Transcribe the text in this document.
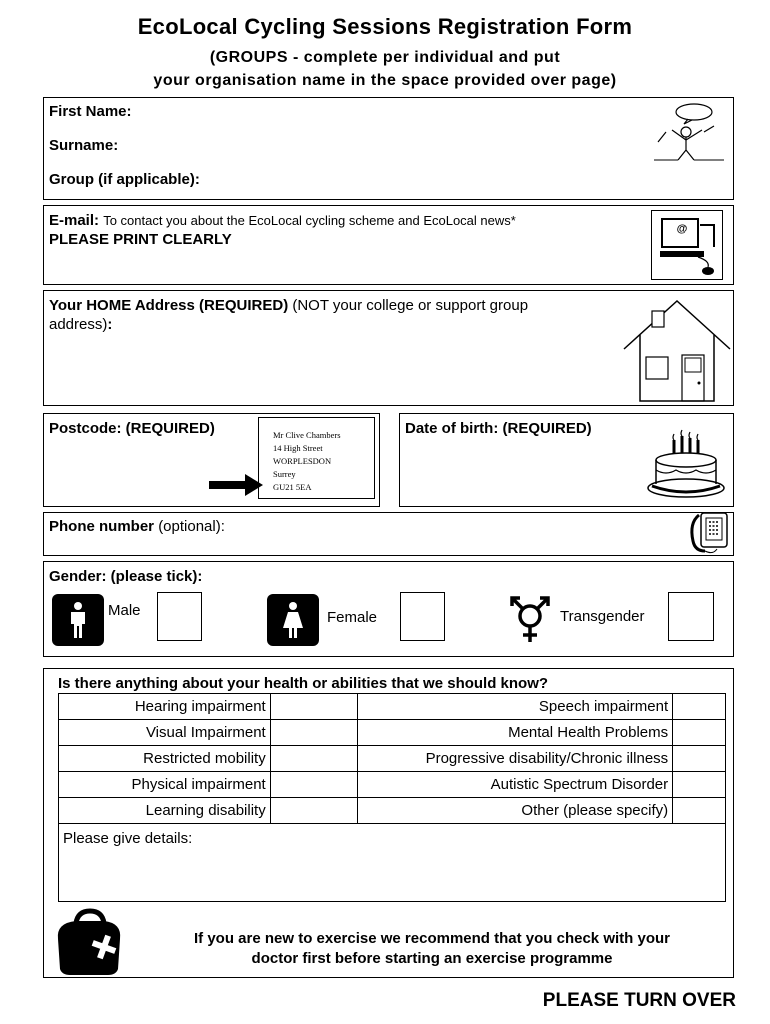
EcoLocal Cycling Sessions Registration Form
(GROUPS - complete per individual and put
your organisation name in the space provided over page)
First Name:
Surname:
Group (if applicable):
E-mail: To contact you about the EcoLocal cycling scheme and EcoLocal news*
PLEASE PRINT CLEARLY
@
Your HOME Address (REQUIRED) (NOT your college or support group
address):
Postcode: (REQUIRED)	Mr Clive Chambers
14 High Street
WORPLESDON
Surrey
GU21 5EA
Date of birth: (REQUIRED)
Phone number (optional):
Gender: (please tick):
Male	Female	Transgender
Is there anything about your health or abilities that we should know?
Hearing impairment		Speech impairment	
Visual Impairment		Mental Health Problems	
Restricted mobility		Progressive disability/Chronic illness	
Physical impairment		Autistic Spectrum Disorder	
Learning disability		Other (please specify)	
Please give details:			
If you are new to exercise we recommend that you check with your
doctor first before starting an exercise programme
PLEASE TURN OVER
